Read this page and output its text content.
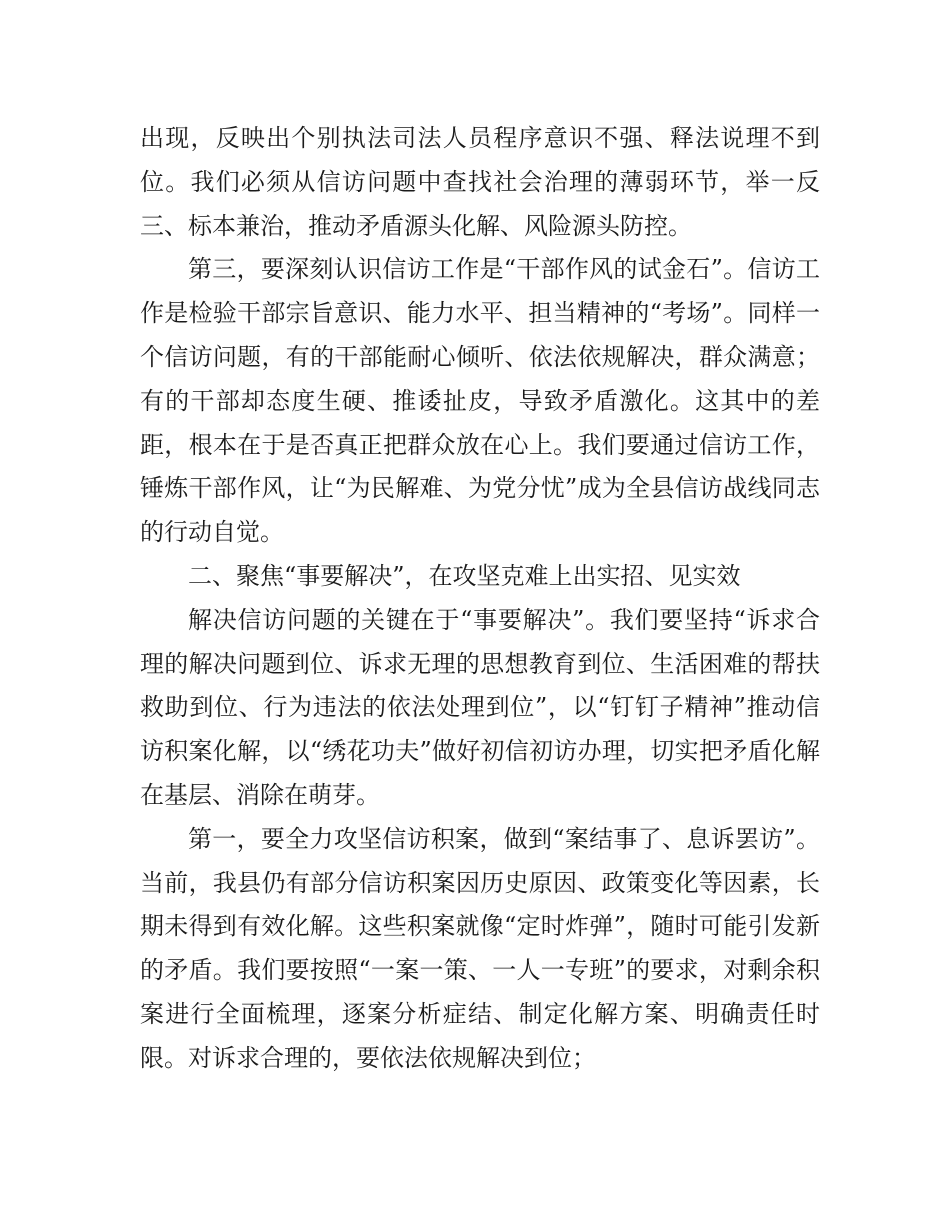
出现，反映出个别执法司法人员程序意识不强、释法说理不到位。我们必须从信访问题中查找社会治理的薄弱环节，举一反三、标本兼治，推动矛盾源头化解、风险源头防控。

第三，要深刻认识信访工作是“干部作风的试金石”。信访工作是检验干部宗旨意识、能力水平、担当精神的“考场”。同样一个信访问题，有的干部能耐心倾听、依法依规解决，群众满意；有的干部却态度生硬、推诿扯皮，导致矛盾激化。这其中的差距，根本在于是否真正把群众放在心上。我们要通过信访工作，锤炼干部作风，让“为民解难、为党分忧”成为全县信访战线同志的行动自觉。

二、聚焦“事要解决”，在攻坚克难上出实招、见实效

解决信访问题的关键在于“事要解决”。我们要坚持“诉求合理的解决问题到位、诉求无理的思想教育到位、生活困难的帮扶救助到位、行为违法的依法处理到位”，以“钉钉子精神”推动信访积案化解，以“绣花功夫”做好初信初访办理，切实把矛盾化解在基层、消除在萌芽。

第一，要全力攻坚信访积案，做到“案结事了、息诉罢访”。当前，我县仍有部分信访积案因历史原因、政策变化等因素，长期未得到有效化解。这些积案就像“定时炸弹”，随时可能引发新的矛盾。我们要按照“一案一策、一人一专班”的要求，对剩余积案进行全面梳理，逐案分析症结、制定化解方案、明确责任时限。对诉求合理的，要依法依规解决到位；
